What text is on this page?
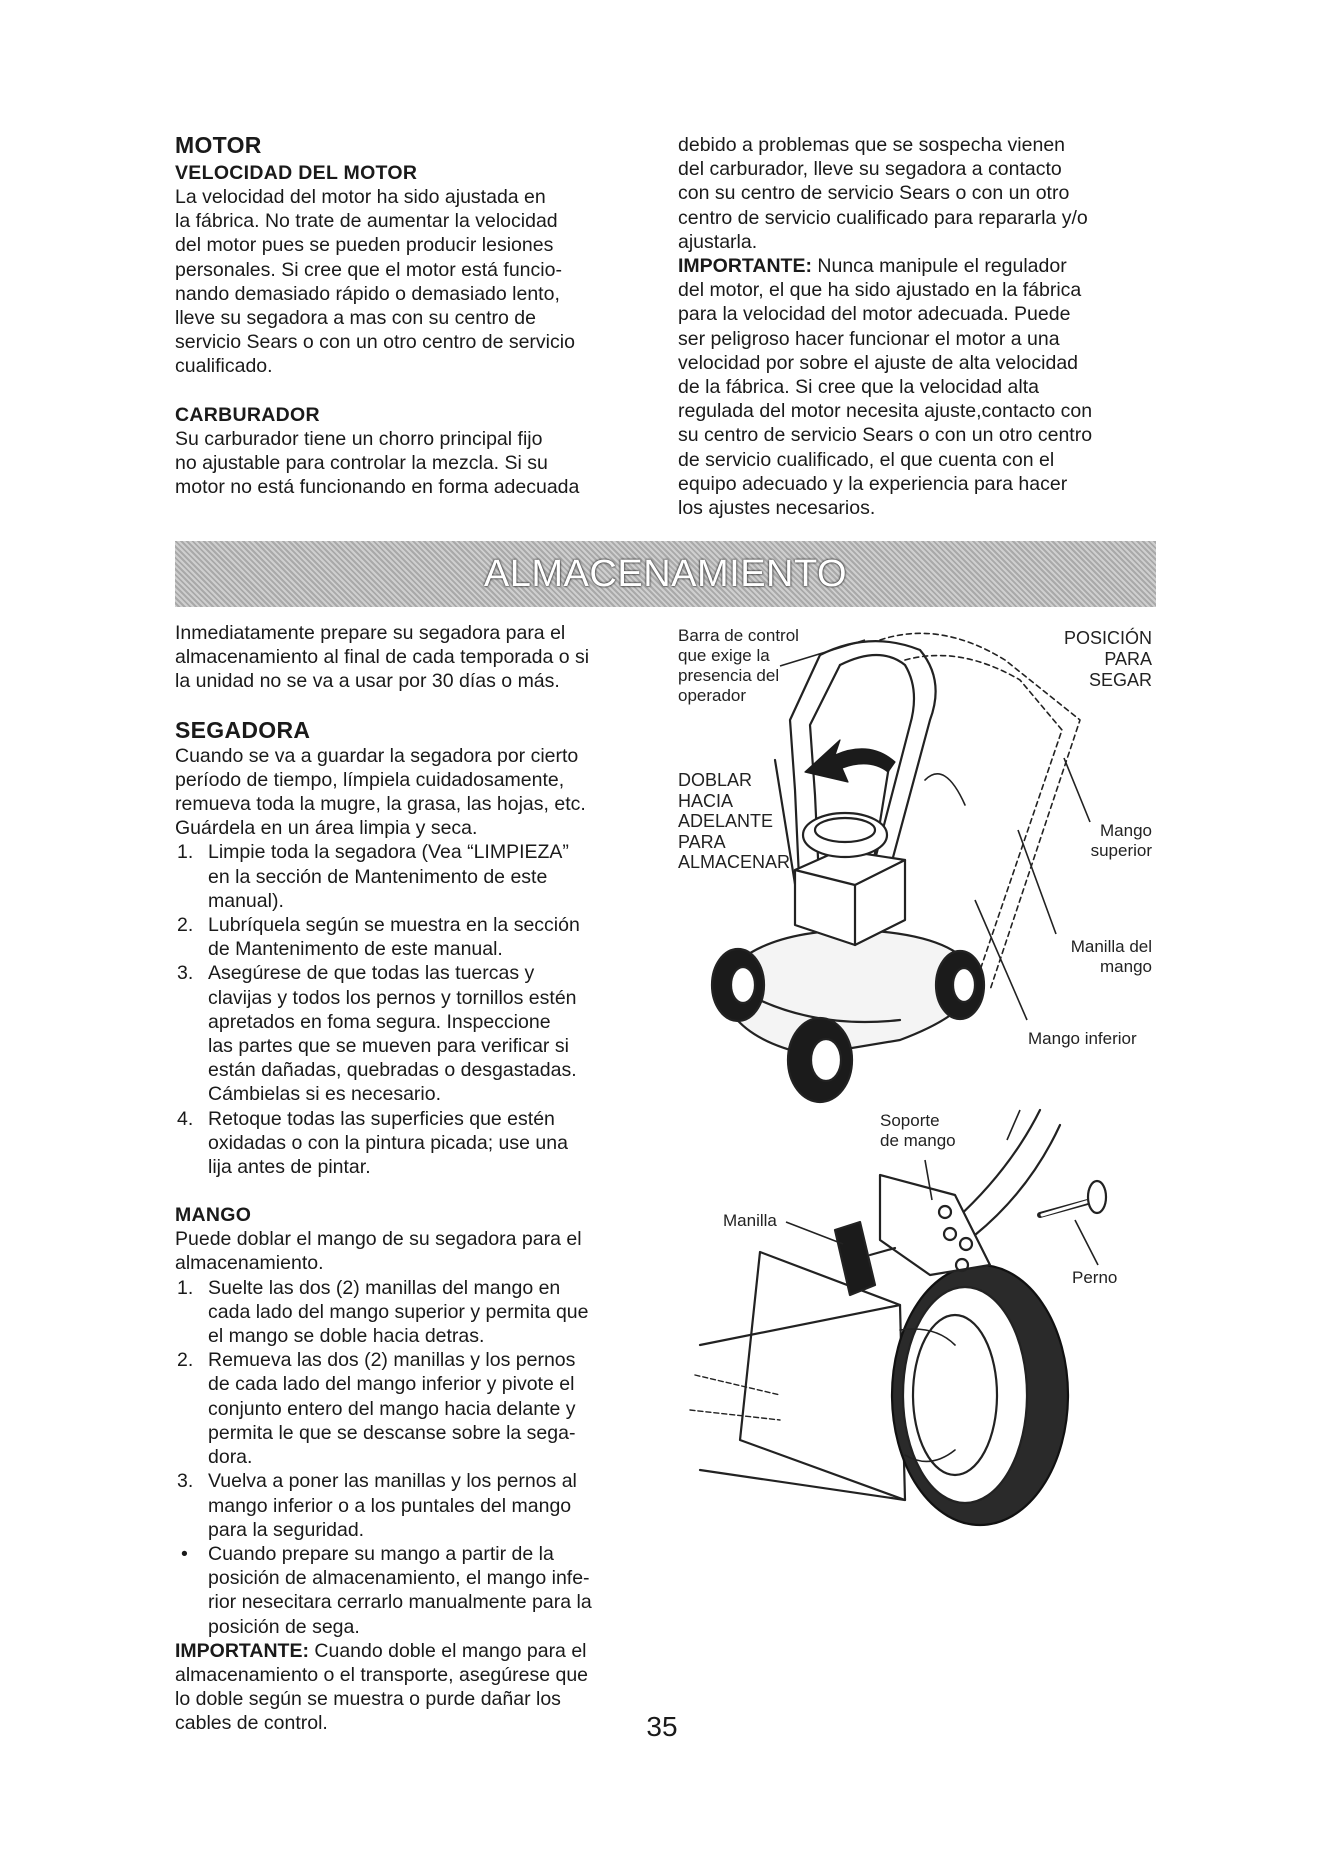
MOTOR
VELOCIDAD DEL MOTOR

La velocidad del motor ha sido ajustada en

la fábrica. No trate de aumentar la velocidad

del motor pues se pueden producir lesiones

personales. Si cree que el motor está funcio-

nando demasiado rápido o demasiado lento,

lleve su segadora a mas con su centro de

servicio Sears o con un otro centro de servicio

cualificado.

CARBURADOR

Su carburador tiene un chorro principal fijo

no ajustable para controlar la mezcla. Si su

motor no está funcionando en forma adecuada

debido a problemas que se sospecha vienen

del carburador, lleve su segadora a contacto

con su centro de servicio Sears o con un otro

centro de servicio cualificado para repararla y/o

ajustarla.

IMPORTANTE: Nunca manipule el regulador

del motor, el que ha sido ajustado en la fábrica

para la velocidad del motor adecuada. Puede

ser peligroso hacer funcionar el motor a una

velocidad por sobre el ajuste de alta velocidad

de la fábrica. Si cree que la velocidad alta

regulada del motor necesita ajuste,contacto con

su centro de servicio Sears o con un otro centro

de servicio cualificado, el que cuenta con el

equipo adecuado y la experiencia para hacer

los ajustes necesarios.

ALMACENAMIENTO

Inmediatamente prepare su segadora para el

almacenamiento al final de cada temporada o si

la unidad no se va a usar por 30 días o más.

SEGADORA

Cuando se va a guardar la segadora por cierto

período de tiempo, límpiela cuidadosamente,

remueva toda la mugre, la grasa, las hojas, etc.

Guárdela en un área limpia y seca.

1. Limpie toda la segadora (Vea “LIMPIEZA”
en la sección de Mantenimento de este
manual).
2. Lubríquela según se muestra en la sección
de Mantenimento de este manual.
3. Asegúrese de que todas las tuercas y
clavijas y todos los pernos y tornillos estén
apretados en foma segura. Inspeccione
las partes que se mueven para verificar si
están dañadas, quebradas o desgastadas.
Cámbielas si es necesario.
4. Retoque todas las superficies que estén
oxidadas o con la pintura picada; use una
lija antes de pintar.
MANGO

Puede doblar el mango de su segadora para el

almacenamiento.

1. Suelte las dos (2) manillas del mango en
cada lado del mango superior y permita que
el mango se doble hacia detras.
2. Remueva las dos (2) manillas y los pernos
de cada lado del mango inferior y pivote el
conjunto entero del mango hacia delante y
permita le que se descanse sobre la sega-
dora.
3. Vuelva a poner las manillas y los pernos al
mango inferior o a los puntales del mango
para la seguridad.
• Cuando prepare su mango a partir de la
posición de almacenamiento, el mango infe-
rior nesecitara cerrarlo manualmente para la
posición de sega.

IMPORTANTE: Cuando doble el mango para el

almacenamiento o el transporte, asegúrese que

lo doble según se muestra o purde dañar los

cables de control.

Barra de control
que exige la
presencia del
operador
POSICIÓN
PARA
SEGAR
DOBLAR
HACIA
ADELANTE
PARA
ALMACENAR
Mango
superior
Manilla del
mango
Mango inferior
Soporte
de mango
Manilla
Perno
35
